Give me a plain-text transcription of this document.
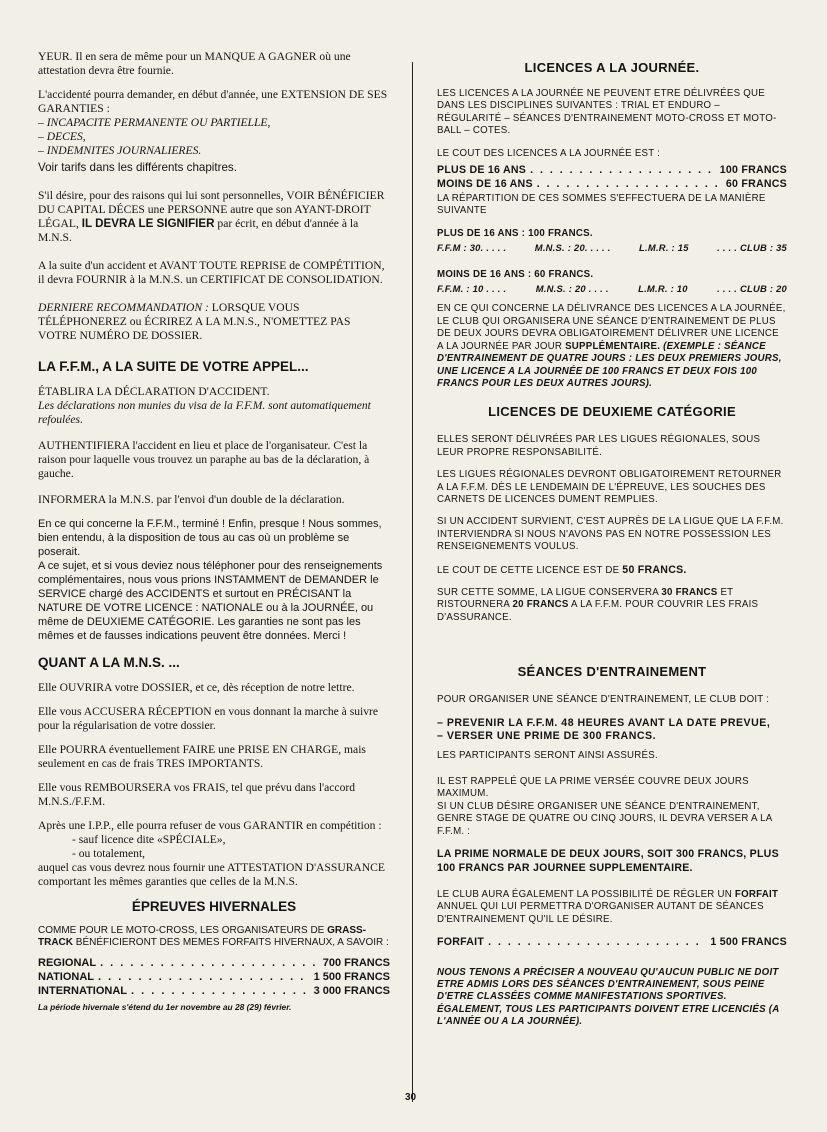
YEUR. Il en sera de même pour un MANQUE A GAGNER où une attestation devra être fournie.

L'accidenté pourra demander, en début d'année, une EXTENSION DE SES GARANTIES :

– INCAPACITE PERMANENTE OU PARTIELLE,

– DECES,

– INDEMNITES JOURNALIERES.

Voir tarifs dans les différents chapitres.

S'il désire, pour des raisons qui lui sont personnelles, VOIR BÉNÉFICIER DU CAPITAL DÉCES une PERSONNE autre que son AYANT-DROIT LÉGAL, IL DEVRA LE SIGNIFIER par écrit, en début d'année à la M.N.S.

A la suite d'un accident et AVANT TOUTE REPRISE de COMPÉTITION, il devra FOURNIR à la M.N.S. un CERTIFICAT DE CONSOLIDATION.

DERNIERE RECOMMANDATION : LORSQUE VOUS TÉLÉPHONEREZ ou ÉCRIREZ A LA M.N.S., N'OMETTEZ PAS VOTRE NUMÉRO DE DOSSIER.

LA F.F.M., A LA SUITE DE VOTRE APPEL...

ÉTABLIRA LA DÉCLARATION D'ACCIDENT.

Les déclarations non munies du visa de la F.F.M. sont automatiquement refoulées.

AUTHENTIFIERA l'accident en lieu et place de l'organisateur. C'est la raison pour laquelle vous trouvez un paraphe au bas de la déclaration, à gauche.

INFORMERA la M.N.S. par l'envoi d'un double de la déclaration.

En ce qui concerne la F.F.M., terminé ! Enfin, presque ! Nous sommes, bien entendu, à la disposition de tous au cas où un problème se poserait.

A ce sujet, et si vous deviez nous téléphoner pour des renseignements complémentaires, nous vous prions INSTAMMENT de DEMANDER le SERVICE chargé des ACCIDENTS et surtout en PRÉCISANT la NATURE DE VOTRE LICENCE : NATIONALE ou à la JOURNÉE, ou même de DEUXIEME CATÉGORIE. Les garanties ne sont pas les mêmes et de fausses indications peuvent être données. Merci !

QUANT A LA M.N.S. ...

Elle OUVRIRA votre DOSSIER, et ce, dès réception de notre lettre.

Elle vous ACCUSERA RÉCEPTION en vous donnant la marche à suivre pour la régularisation de votre dossier.

Elle POURRA éventuellement FAIRE une PRISE EN CHARGE, mais seulement en cas de frais TRES IMPORTANTS.

Elle vous REMBOURSERA vos FRAIS, tel que prévu dans l'accord M.N.S./F.F.M.

Après une I.P.P., elle pourra refuser de vous GARANTIR en compétition :

- sauf licence dite «SPÉCIALE»,

- ou totalement,

auquel cas vous devrez nous fournir une ATTESTATION D'ASSURANCE comportant les mêmes garanties que celles de la M.N.S.

ÉPREUVES HIVERNALES

COMME POUR LE MOTO-CROSS, LES ORGANISATEURS DE GRASS-TRACK BÉNÉFICIERONT DES MEMES FORFAITS HIVERNAUX, A SAVOIR :

REGIONAL . . .	700 FRANCS
NATIONAL . . .	1 500 FRANCS
INTERNATIONAL . . .	3 000 FRANCS

La période hivernale s'étend du 1er novembre au 28 (29) février.

LICENCES A LA JOURNÉE.

LES LICENCES A LA JOURNÉE NE PEUVENT ETRE DÉLIVRÉES QUE DANS LES DISCIPLINES SUIVANTES : TRIAL ET ENDURO – RÉGULARITÉ – SÉANCES D'ENTRAINEMENT MOTO-CROSS ET MOTO-BALL – COTES.

LE COUT DES LICENCES A LA JOURNÉE EST :

PLUS DE 16 ANS . . .	100 FRANCS
MOINS DE 16 ANS . . .	60 FRANCS

LA RÉPARTITION DE CES SOMMES S'EFFECTUERA DE LA MANIÈRE SUIVANTE

PLUS DE 16 ANS : 100 FRANCS.

F.F.M : 30. . . . .	M.N.S. : 20. . . . .	L.M.R. : 15	. . . . CLUB : 35

MOINS DE 16 ANS : 60 FRANCS.

F.F.M. : 10 . . . .	M.N.S. : 20 . . . .	L.M.R. : 10	. . . . CLUB : 20

EN CE QUI CONCERNE LA DÉLIVRANCE DES LICENCES A LA JOURNÉE, LE CLUB QUI ORGANISERA UNE SÉANCE D'ENTRAINEMENT DE PLUS DE DEUX JOURS DEVRA OBLIGATOIREMENT DÉLIVRER UNE LICENCE A LA JOURNÉE PAR JOUR SUPPLÉMENTAIRE. (EXEMPLE : SÉANCE D'ENTRAINEMENT DE QUATRE JOURS : LES DEUX PREMIERS JOURS, UNE LICENCE A LA JOURNÉE DE 100 FRANCS ET DEUX FOIS 100 FRANCS POUR LES DEUX AUTRES JOURS).

LICENCES DE DEUXIEME CATÉGORIE

ELLES SERONT DÉLIVRÉES PAR LES LIGUES RÉGIONALES, SOUS LEUR PROPRE RESPONSABILITÉ.

LES LIGUES RÉGIONALES DEVRONT OBLIGATOIREMENT RETOURNER A LA F.F.M. DÈS LE LENDEMAIN DE L'ÉPREUVE, LES SOUCHES DES CARNETS DE LICENCES DUMENT REMPLIES.

SI UN ACCIDENT SURVIENT, C'EST AUPRÈS DE LA LIGUE QUE LA F.F.M. INTERVIENDRA SI NOUS N'AVONS PAS EN NOTRE POSSESSION LES RENSEIGNEMENTS VOULUS.

LE COUT DE CETTE LICENCE EST DE 50 FRANCS.

SUR CETTE SOMME, LA LIGUE CONSERVERA 30 FRANCS ET RISTOURNERA 20 FRANCS A LA F.F.M. POUR COUVRIR LES FRAIS D'ASSURANCE.

SÉANCES D'ENTRAINEMENT

POUR ORGANISER UNE SÉANCE D'ENTRAINEMENT, LE CLUB DOIT :

– PREVENIR LA F.F.M. 48 HEURES AVANT LA DATE PREVUE,

– VERSER UNE PRIME DE 300 FRANCS.

LES PARTICIPANTS SERONT AINSI ASSURÉS.

IL EST RAPPELÉ QUE LA PRIME VERSÉE COUVRE DEUX JOURS MAXIMUM.

SI UN CLUB DÉSIRE ORGANISER UNE SÉANCE D'ENTRAINEMENT, GENRE STAGE DE QUATRE OU CINQ JOURS, IL DEVRA VERSER A LA F.F.M. :

LA PRIME NORMALE DE DEUX JOURS, SOIT 300 FRANCS, PLUS 100 FRANCS PAR JOURNEE SUPPLEMENTAIRE.

LE CLUB AURA ÉGALEMENT LA POSSIBILITÉ DE RÉGLER UN FORFAIT ANNUEL QUI LUI PERMETTRA D'ORGANISER AUTANT DE SÉANCES D'ENTRAINEMENT QU'IL LE DÉSIRE.

FORFAIT . . .	1 500 FRANCS

NOUS TENONS A PRÉCISER A NOUVEAU QU'AUCUN PUBLIC NE DOIT ETRE ADMIS LORS DES SÉANCES D'ENTRAINEMENT, SOUS PEINE D'ETRE CLASSÉES COMME MANIFESTATIONS SPORTIVES. ÉGALEMENT, TOUS LES PARTICIPANTS DOIVENT ETRE LICENCIÉS (A L'ANNÉE OU A LA JOURNÉE).

30
